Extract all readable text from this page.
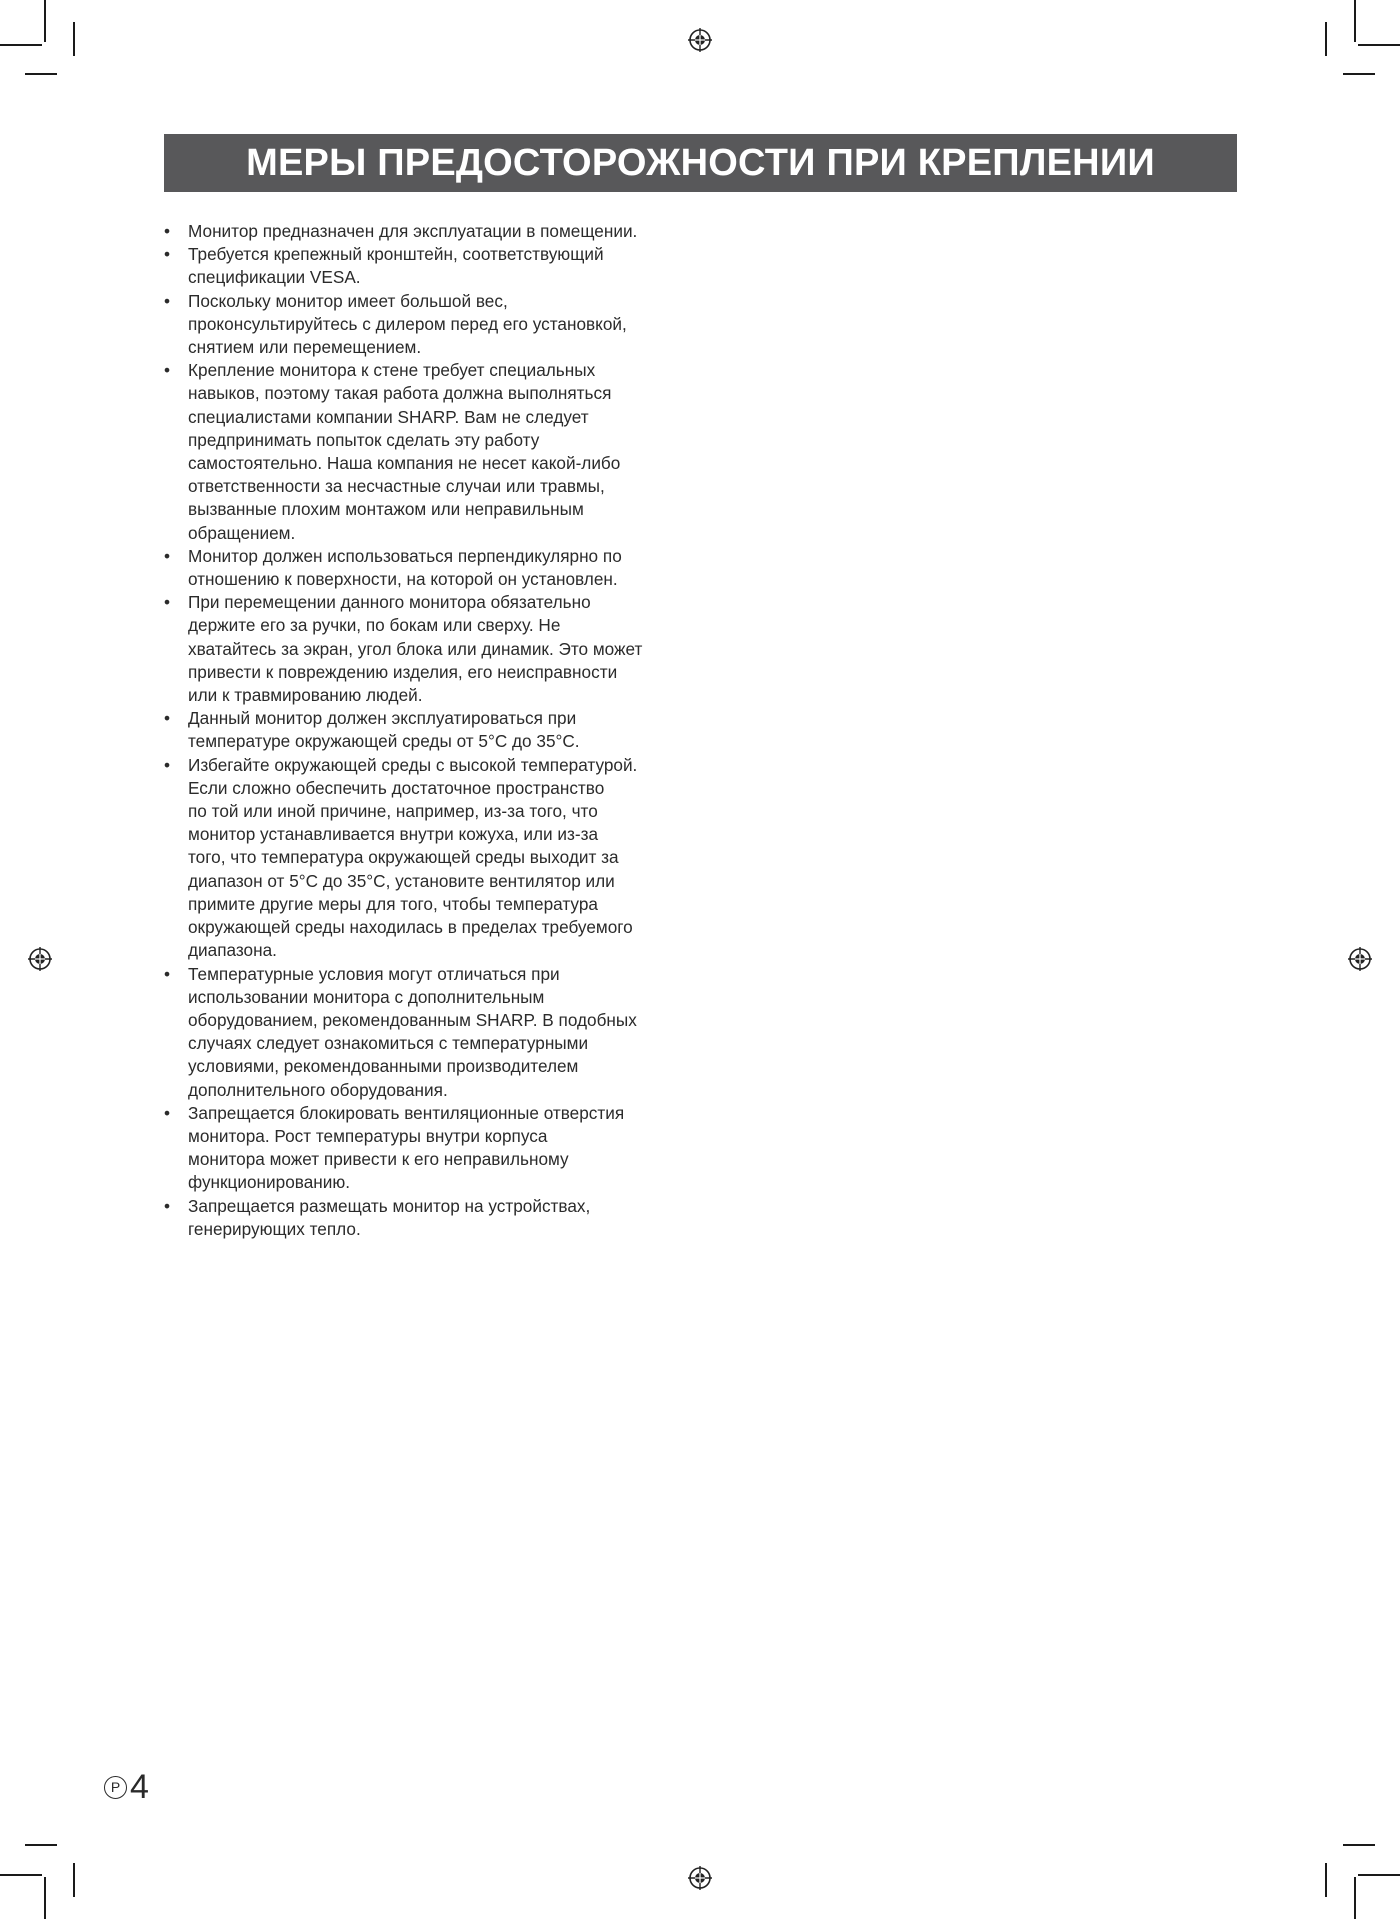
МЕРЫ ПРЕДОСТОРОЖНОСТИ ПРИ КРЕПЛЕНИИ
•	Монитор предназначен для эксплуатации в помещении.
•	Требуется крепежный кронштейн, соответствующий
спецификации VESA.
•	Поскольку монитор имеет большой вес,
проконсультируйтесь с дилером перед его установкой,
снятием или перемещением.
•	Крепление монитора к стене требует специальных
навыков, поэтому такая работа должна выполняться
специалистами компании SHARP. Вам не следует
предпринимать попыток сделать эту работу
самостоятельно. Наша компания не несет какой-либо
ответственности за несчастные случаи или травмы,
вызванные плохим монтажом или неправильным
обращением.
•	Монитор должен использоваться перпендикулярно по
отношению к поверхности, на которой он установлен.
•	При перемещении данного монитора обязательно
держите его за ручки, по бокам или сверху. Не
хватайтесь за экран, угол блока или динамик. Это может
привести к повреждению изделия, его неисправности
или к травмированию людей.
•	Данный монитор должен эксплуатироваться при
температуре окружающей среды от 5°C до 35°C.
•	Избегайте окружающей среды с высокой температурой.
Если сложно обеспечить достаточное пространство
по той или иной причине, например, из-за того, что
монитор устанавливается внутри кожуха, или из-за
того, что температура окружающей среды выходит за
диапазон от 5°C до 35°C, установите вентилятор или
примите другие меры для того, чтобы температура
окружающей среды находилась в пределах требуемого
диапазона.
•	Температурные условия могут отличаться при
использовании монитора с дополнительным
оборудованием, рекомендованным SHARP. В подобных
случаях следует ознакомиться с температурными
условиями, рекомендованными производителем
дополнительного оборудования.
•	Запрещается блокировать вентиляционные отверстия
монитора. Рост температуры внутри корпуса
монитора может привести к его неправильному
функционированию.
•	Запрещается размещать монитор на устройствах,
генерирующих тепло.
P 4
